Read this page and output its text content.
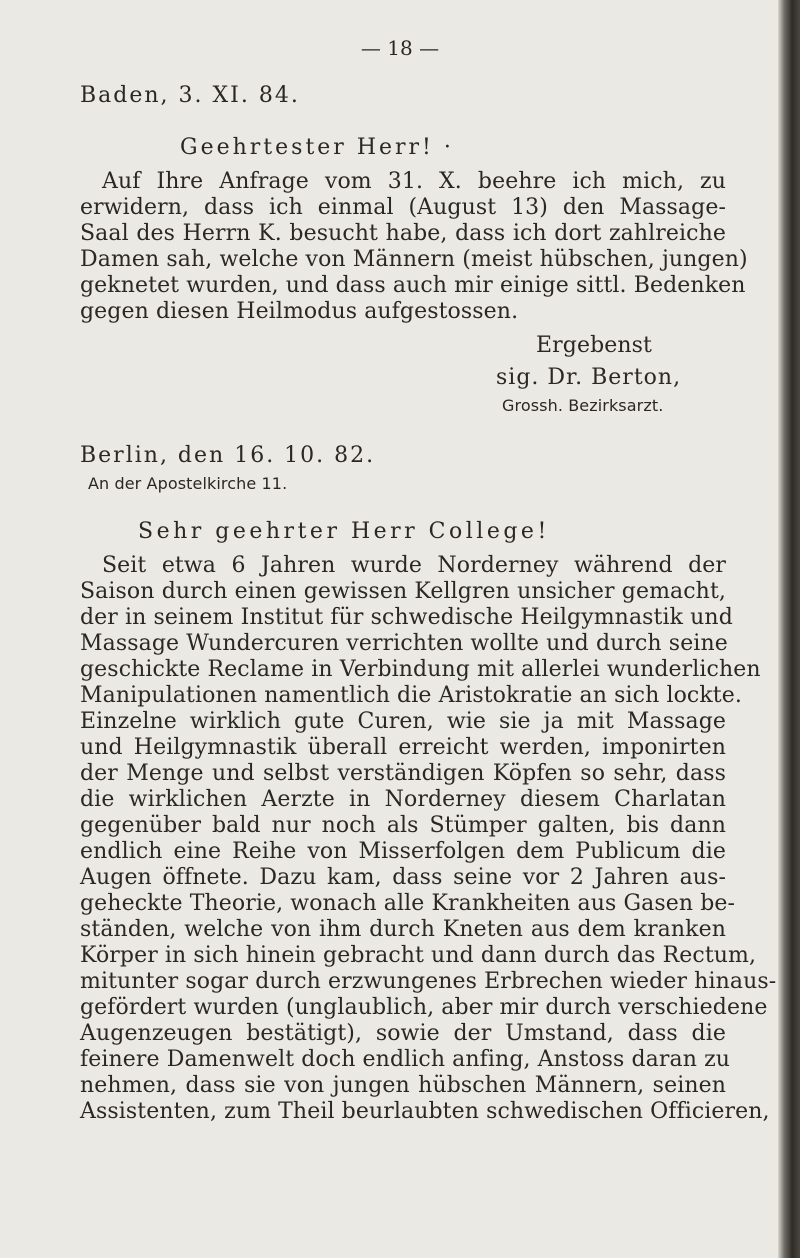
— 18 —
Baden, 3. XI. 84.
Geehrtester Herr! ·
Auf Ihre Anfrage vom 31. X. beehre ich mich, zu
erwidern, dass ich einmal (August 13) den Massage-
Saal des Herrn K. besucht habe, dass ich dort zahlreiche
Damen sah, welche von Männern (meist hübschen, jungen)
geknetet wurden, und dass auch mir einige sittl. Bedenken
gegen diesen Heilmodus aufgestossen.
Ergebenst
sig. Dr. Berton,
Grossh. Bezirksarzt.
Berlin, den 16. 10. 82.
An der Apostelkirche 11.
Sehr geehrter Herr College!
Seit etwa 6 Jahren wurde Norderney während der
Saison durch einen gewissen Kellgren unsicher gemacht,
der in seinem Institut für schwedische Heilgymnastik und
Massage Wundercuren verrichten wollte und durch seine
geschickte Reclame in Verbindung mit allerlei wunderlichen
Manipulationen namentlich die Aristokratie an sich lockte.
Einzelne wirklich gute Curen, wie sie ja mit Massage
und Heilgymnastik überall erreicht werden, imponirten
der Menge und selbst verständigen Köpfen so sehr, dass
die wirklichen Aerzte in Norderney diesem Charlatan
gegenüber bald nur noch als Stümper galten, bis dann
endlich eine Reihe von Misserfolgen dem Publicum die
Augen öffnete. Dazu kam, dass seine vor 2 Jahren aus-
geheckte Theorie, wonach alle Krankheiten aus Gasen be-
ständen, welche von ihm durch Kneten aus dem kranken
Körper in sich hinein gebracht und dann durch das Rectum,
mitunter sogar durch erzwungenes Erbrechen wieder hinaus-
gefördert wurden (unglaublich, aber mir durch verschiedene
Augenzeugen bestätigt), sowie der Umstand, dass die
feinere Damenwelt doch endlich anfing, Anstoss daran zu
nehmen, dass sie von jungen hübschen Männern, seinen
Assistenten, zum Theil beurlaubten schwedischen Officieren,
